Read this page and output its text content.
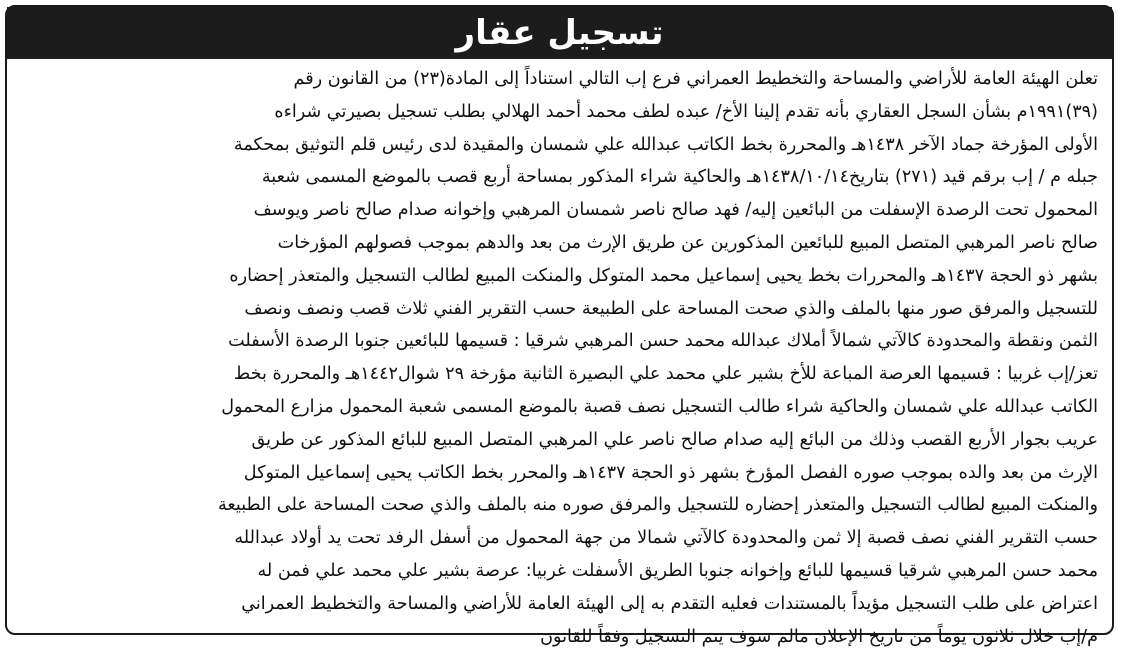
تسجيل عقار
تعلن الهيئة العامة للأراضي والمساحة والتخطيط العمراني فرع إب التالي استناداً إلى المادة(٢٣) من القانون رقم
(٣٩)١٩٩١م بشأن السجل العقاري بأنه تقدم إلينا الأخ/ عبده لطف محمد أحمد الهلالي بطلب تسجيل بصيرتي شراءه
الأولى المؤرخة جماد الآخر ١٤٣٨هـ والمحررة بخط الكاتب عبدالله علي شمسان والمقيدة لدى رئيس قلم التوثيق بمحكمة
جبله م / إب برقم قيد (٢٧١) بتاريخ١٤٣٨/١٠/١٤هـ والحاكية شراء المذكور بمساحة أربع قصب بالموضع المسمى شعبة
المحمول تحت الرصدة الإسفلت من البائعين إليه/ فهد صالح ناصر شمسان المرهبي وإخوانه صدام صالح ناصر ويوسف
صالح ناصر المرهبي المتصل المبيع للبائعين المذكورين عن طريق الإرث من بعد والدهم بموجب فصولهم المؤرخات
بشهر ذو الحجة ١٤٣٧هـ والمحررات بخط يحيى إسماعيل محمد المتوكل والمنكت المبيع لطالب التسجيل والمتعذر إحضاره
للتسجيل والمرفق صور منها بالملف والذي صحت المساحة على الطبيعة حسب التقرير الفني ثلاث قصب ونصف ونصف
الثمن ونقطة والمحدودة كالآتي شمالاً أملاك عبدالله محمد حسن المرهبي شرقيا : قسيمها للبائعين جنوبا الرصدة الأسفلت
تعز/إب غربيا : قسيمها العرصة المباعة للأخ بشير علي محمد علي البصيرة الثانية مؤرخة ٢٩ شوال١٤٤٢هـ والمحررة بخط
الكاتب عبدالله علي شمسان والحاكية شراء طالب التسجيل نصف قصبة بالموضع المسمى شعبة المحمول مزارع المحمول
عريب بجوار الأربع القصب وذلك من البائع إليه صدام صالح ناصر علي المرهبي المتصل المبيع للبائع المذكور عن طريق
الإرث من بعد والده بموجب صوره الفصل المؤرخ بشهر ذو الحجة ١٤٣٧هـ والمحرر بخط الكاتب يحيى إسماعيل المتوكل
والمنكت المبيع لطالب التسجيل والمتعذر إحضاره للتسجيل والمرفق صوره منه بالملف والذي صحت المساحة على الطبيعة
حسب التقرير الفني نصف قصبة إلا ثمن والمحدودة كالآتي شمالا من جهة المحمول من أسفل الرفد تحت يد أولاد عبدالله
محمد حسن المرهبي شرقيا قسيمها للبائع وإخوانه جنوبا الطريق الأسفلت غربيا: عرصة بشير علي محمد علي فمن له
اعتراض على طلب التسجيل مؤيداً بالمستندات فعليه التقدم به إلى الهيئة العامة للأراضي والمساحة والتخطيط العمراني
م/إب خلال ثلاثون يوماً من تاريخ الإعلان مالم سوف يتم التسجيل وفقاً للقانون
